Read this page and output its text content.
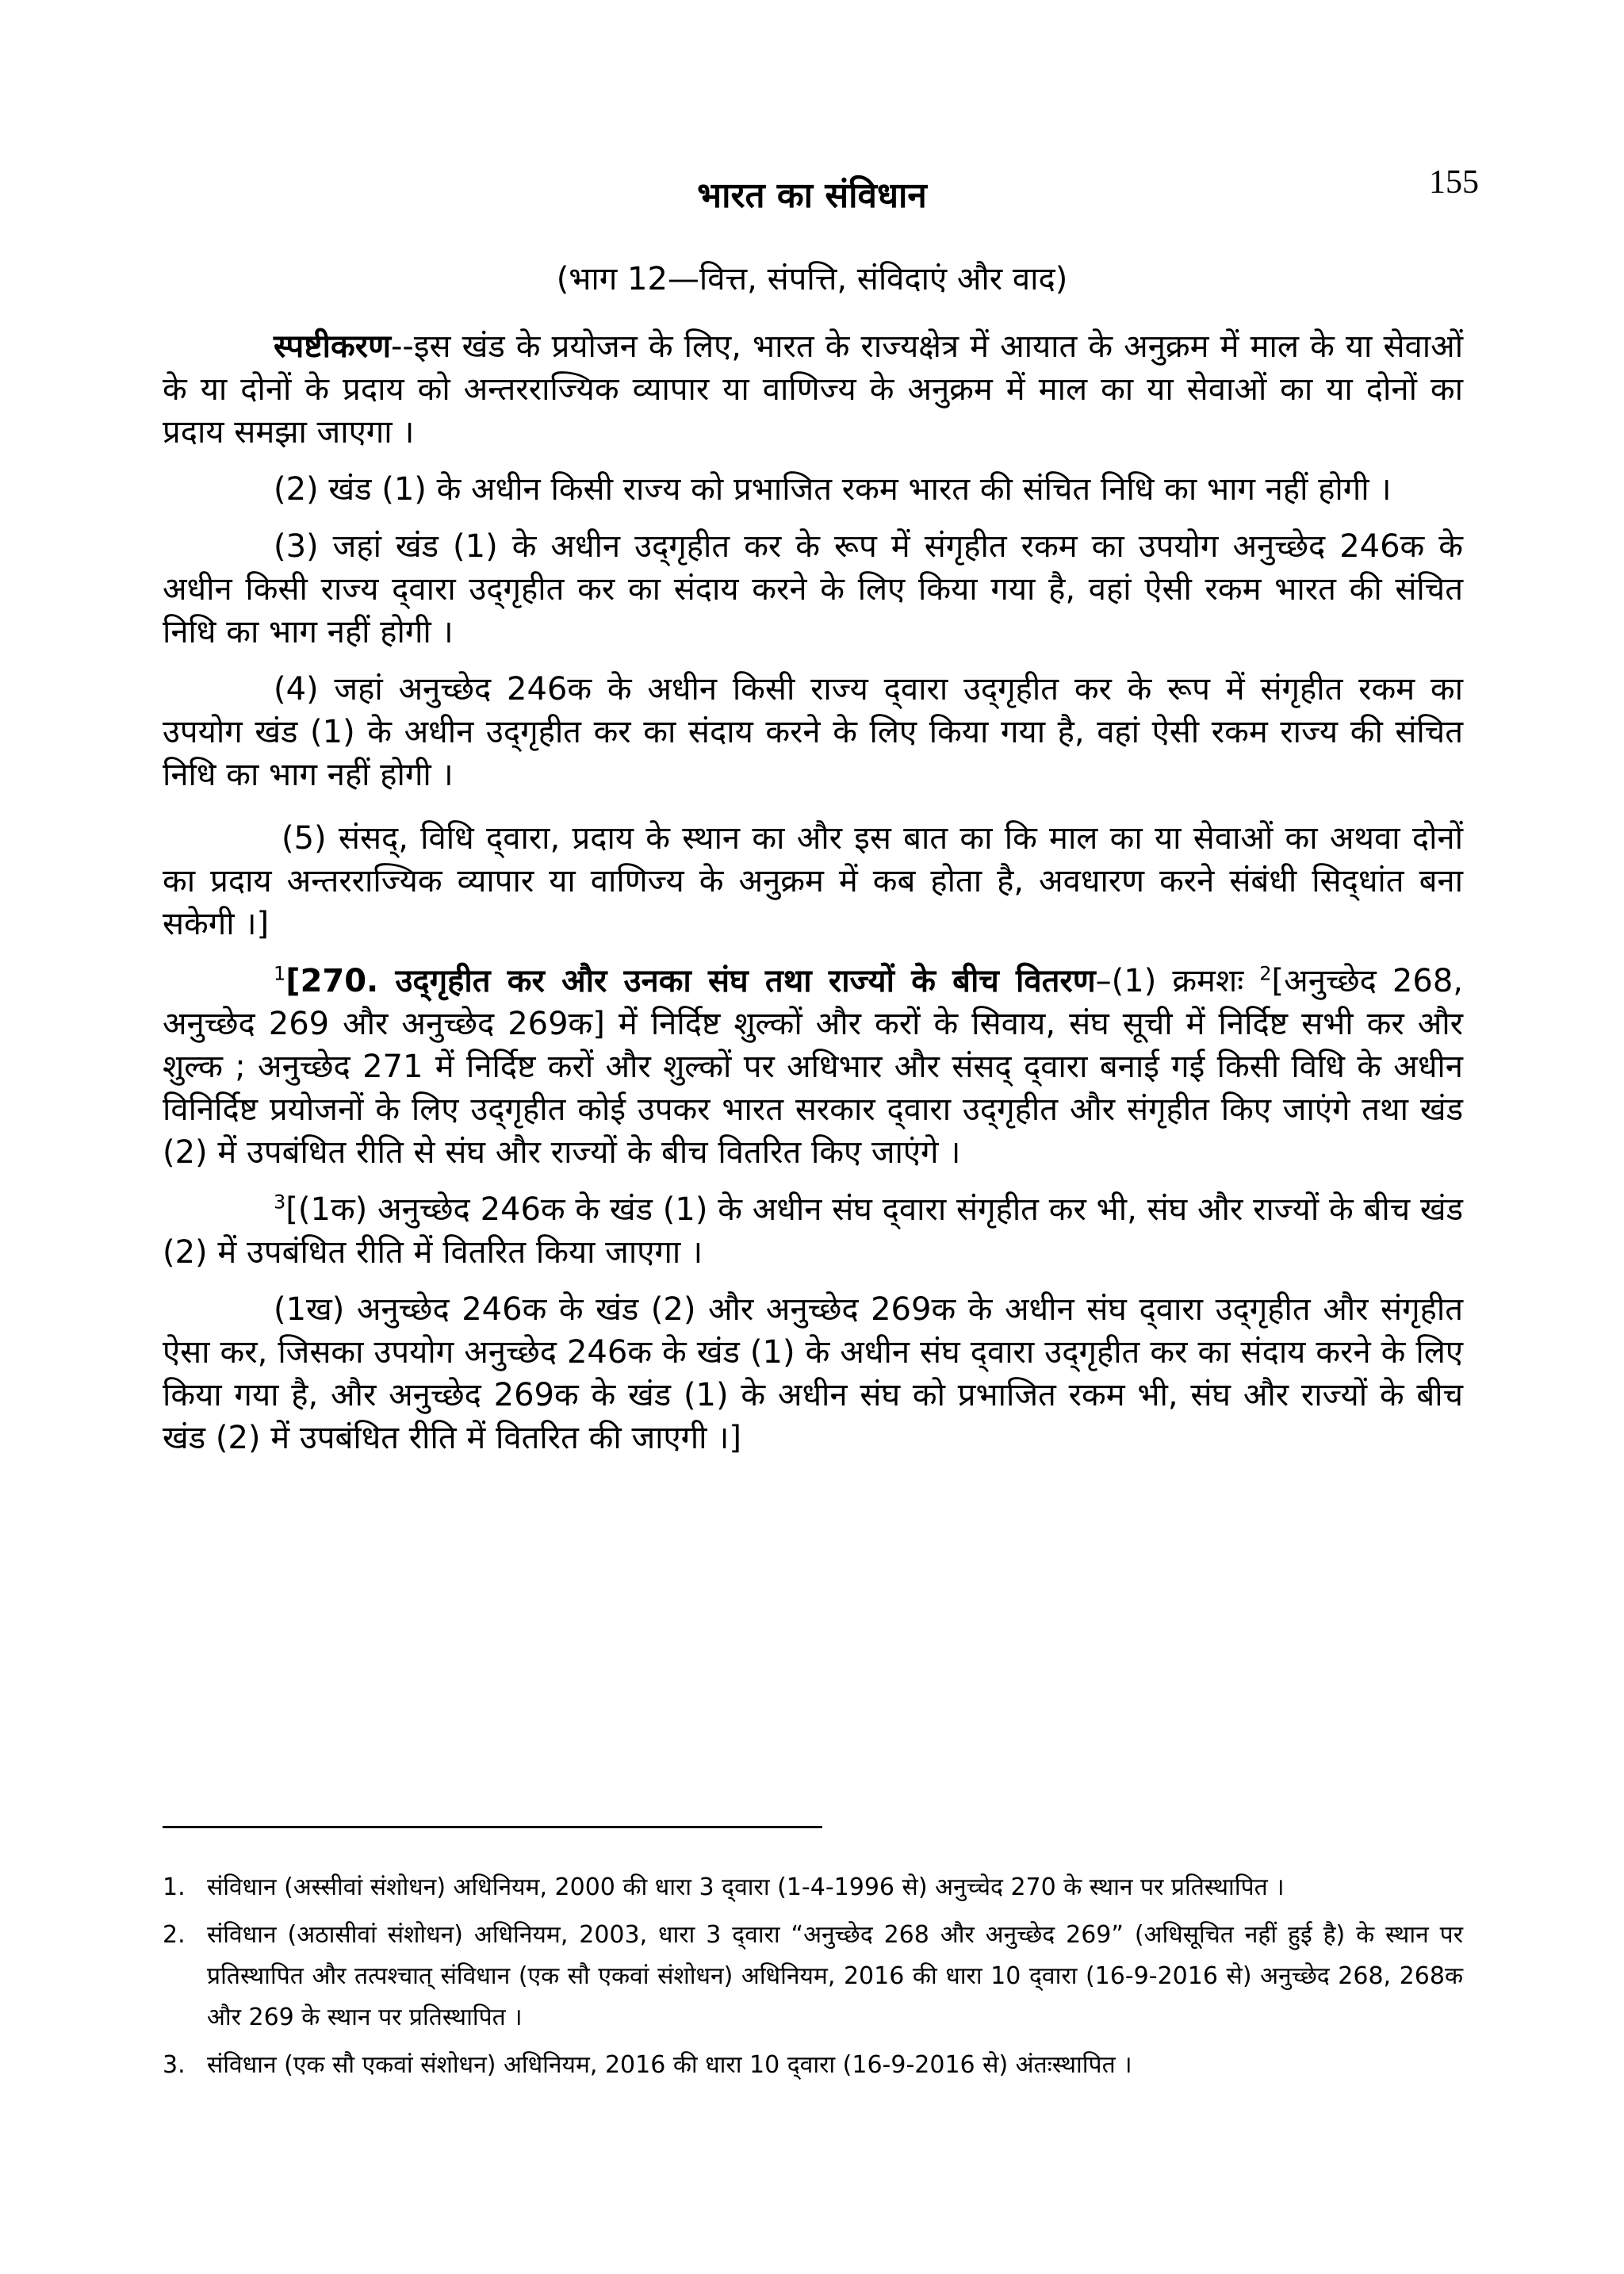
155
भारत का संविधान
(भाग 12—वित्त, संपत्ति, संविदाएं और वाद)

स्पष्टीकरण--इस खंड के प्रयोजन के लिए, भारत के राज्यक्षेत्र में आयात के अनुक्रम में माल के या सेवाओं के या दोनों के प्रदाय को अन्तरराज्यिक व्यापार या वाणिज्य के अनुक्रम में माल का या सेवाओं का या दोनों का प्रदाय समझा जाएगा ।

(2) खंड (1) के अधीन किसी राज्य को प्रभाजित रकम भारत की संचित निधि का भाग नहीं होगी ।

(3) जहां खंड (1) के अधीन उद्‌गृहीत कर के रूप में संगृहीत रकम का उपयोग अनुच्छेद 246क के अधीन किसी राज्य द्‌वारा उद्‌गृहीत कर का संदाय करने के लिए किया गया है, वहां ऐसी रकम भारत की संचित निधि का भाग नहीं होगी ।

(4) जहां अनुच्छेद 246क के अधीन किसी राज्य द्‌वारा उद्‌गृहीत कर के रूप में संगृहीत रकम का उपयोग खंड (1) के अधीन उद्‌गृहीत कर का संदाय करने के लिए किया गया है, वहां ऐसी रकम राज्य की संचित निधि का भाग नहीं होगी ।

(5) संसद्, विधि द्‌वारा, प्रदाय के स्थान का और इस बात का कि माल का या सेवाओं का अथवा दोनों का प्रदाय अन्तरराज्यिक व्यापार या वाणिज्य के अनुक्रम में कब होता है, अवधारण करने संबंधी सिद्‌धांत बना सकेगी ।]

$^1$[270. उद्‌गृहीत कर और उनका संघ तथा राज्यों के बीच वितरण–(1) क्रमशः $^2$[अनुच्छेद 268, अनुच्छेद 269 और अनुच्छेद 269क] में निर्दिष्ट शुल्कों और करों के सिवाय, संघ सूची में निर्दिष्ट सभी कर और शुल्क ; अनुच्छेद 271 में निर्दिष्ट करों और शुल्कों पर अधिभार और संसद्‌ द्‌वारा बनाई गई किसी विधि के अधीन विनिर्दिष्ट प्रयोजनों के लिए उद्‌गृहीत कोई उपकर भारत सरकार द्‌वारा उद्‌गृहीत और संगृहीत किए जाएंगे तथा खंड (2) में उपबंधित रीति से संघ और राज्यों के बीच वितरित किए जाएंगे ।

$^3$[(1क) अनुच्छेद 246क के खंड (1) के अधीन संघ द्‌वारा संगृहीत कर भी, संघ और राज्यों के बीच खंड (2) में उपबंधित रीति में वितरित किया जाएगा ।

(1ख) अनुच्छेद 246क के खंड (2) और अनुच्छेद 269क के अधीन संघ द्‌वारा उद्‌गृहीत और संगृहीत ऐसा कर, जिसका उपयोग अनुच्छेद 246क के खंड (1) के अधीन संघ द्‌वारा उद्‌गृहीत कर का संदाय करने के लिए किया गया है, और अनुच्छेद 269क के खंड (1) के अधीन संघ को प्रभाजित रकम भी, संघ और राज्यों के बीच खंड (2) में उपबंधित रीति में वितरित की जाएगी ।]

1. संविधान (अस्सीवां संशोधन) अधिनियम, 2000 की धारा 3 द्‌वारा (1-4-1996 से) अनुच्चेद 270 के स्थान पर प्रतिस्थापित ।
2. संविधान (अठासीवां संशोधन) अधिनियम, 2003, धारा 3 द्‌वारा “अनुच्छेद 268 और अनुच्छेद 269” (अधिसूचित नहीं हुई है) के स्थान पर प्रतिस्थापित और तत्पश्चात्‌ संविधान (एक सौ एकवां संशोधन) अधिनियम, 2016 की धारा 10 द्‌वारा (16-9-2016 से) अनुच्छेद 268, 268क और 269 के स्थान पर प्रतिस्थापित ।
3. संविधान (एक सौ एकवां संशोधन) अधिनियम, 2016 की धारा 10 द्‌वारा (16-9-2016 से) अंतःस्थापित ।
